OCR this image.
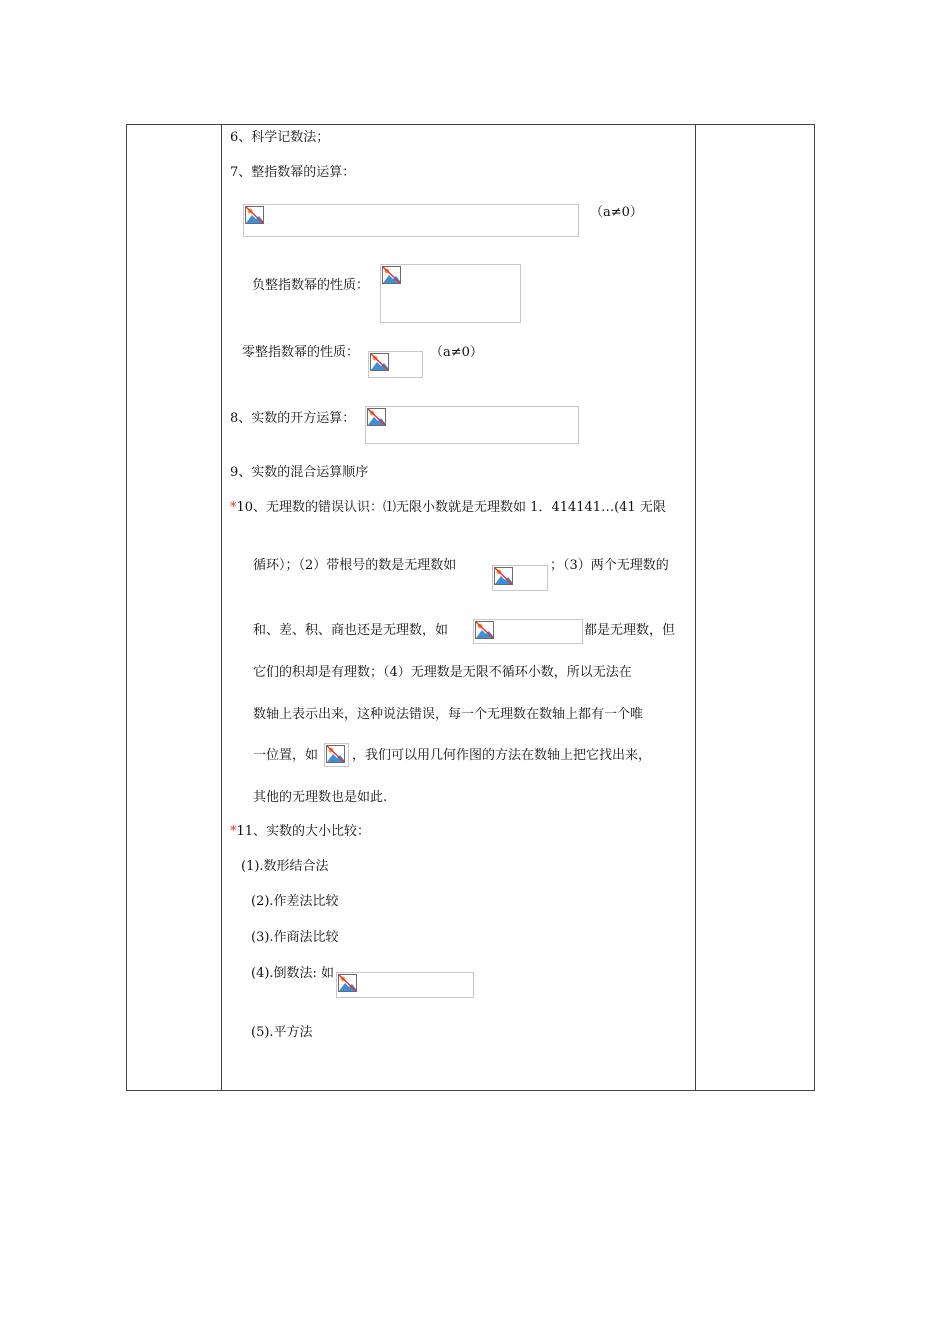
6、科学记数法；
7、整指数幂的运算：
（a≠0）
负整指数幂的性质：
零整指数幂的性质：	（a≠0）
8、实数的开方运算：
9、实数的混合运算顺序
*10、无理数的错误认识：⑴无限小数就是无理数如 1．414141…(41 无限
循环）；（2）带根号的数是无理数如	；（3）两个无理数的
和、差、积、商也还是无理数，如	都是无理数，但
它们的积却是有理数；（4）无理数是无限不循环小数，所以无法在
数轴上表示出来，这种说法错误，每一个无理数在数轴上都有一个唯
一位置，如	，我们可以用几何作图的方法在数轴上把它找出来，
其他的无理数也是如此.
*11、实数的大小比较：
(1).数形结合法
(2).作差法比较
(3).作商法比较
(4).倒数法: 如
(5).平方法
